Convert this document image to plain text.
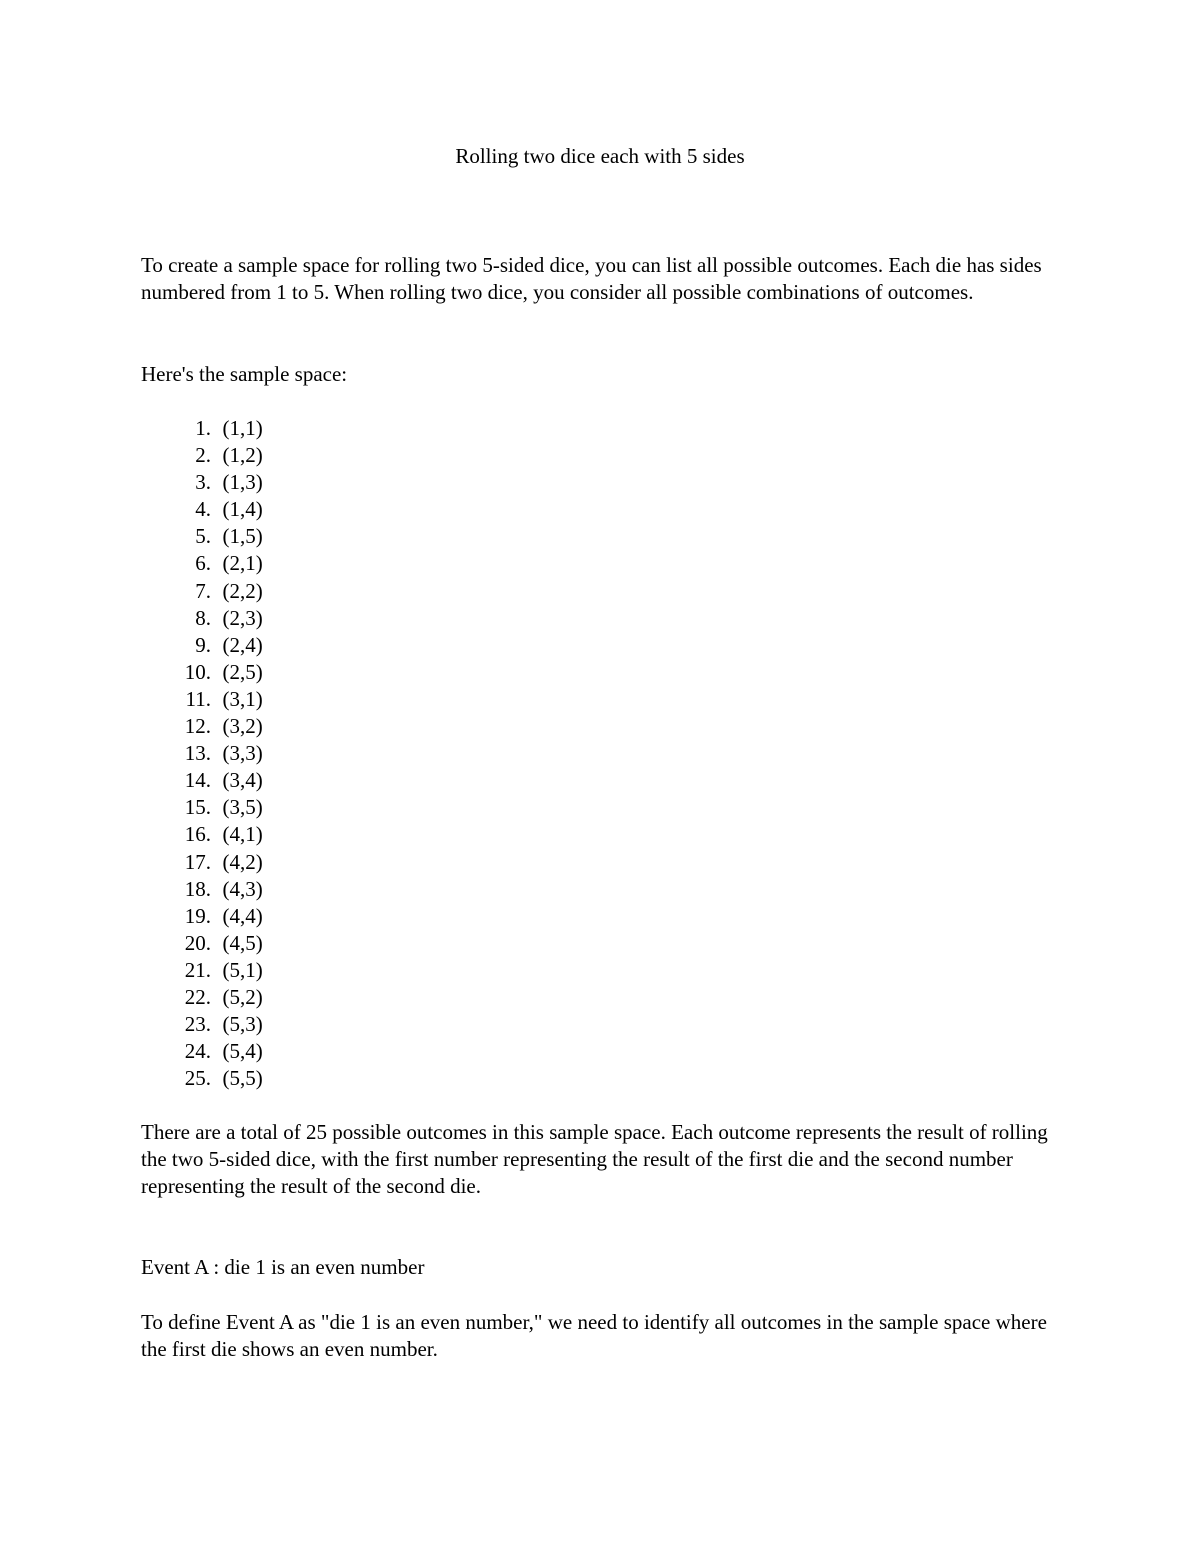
Rolling two dice each with 5 sides

To create a sample space for rolling two 5-sided dice, you can list all possible outcomes. Each die has sides numbered from 1 to 5. When rolling two dice, you consider all possible combinations of outcomes.

Here's the sample space:

1. (1,1)
2. (1,2)
3. (1,3)
4. (1,4)
5. (1,5)
6. (2,1)
7. (2,2)
8. (2,3)
9. (2,4)
10. (2,5)
11. (3,1)
12. (3,2)
13. (3,3)
14. (3,4)
15. (3,5)
16. (4,1)
17. (4,2)
18. (4,3)
19. (4,4)
20. (4,5)
21. (5,1)
22. (5,2)
23. (5,3)
24. (5,4)
25. (5,5)

There are a total of 25 possible outcomes in this sample space. Each outcome represents the result of rolling the two 5-sided dice, with the first number representing the result of the first die and the second number representing the result of the second die.

Event A : die 1 is an even number

To define Event A as "die 1 is an even number," we need to identify all outcomes in the sample space where the first die shows an even number.
